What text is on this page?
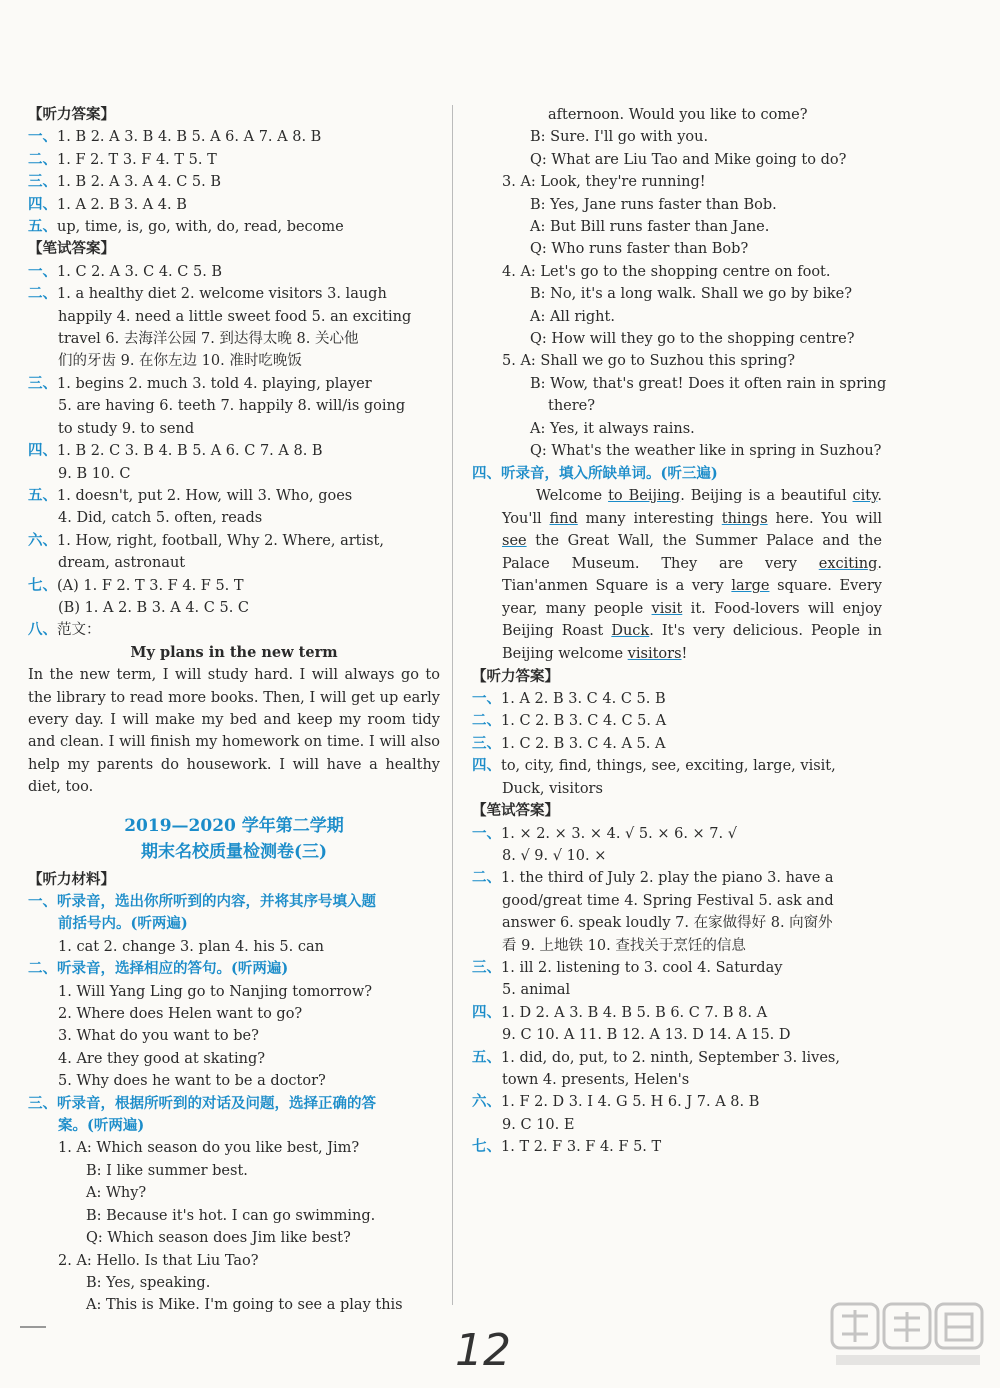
【听力答案】
一、1. B 2. A 3. B 4. B 5. A 6. A 7. A 8. B
二、1. F 2. T 3. F 4. T 5. T
三、1. B 2. A 3. A 4. C 5. B
四、1. A 2. B 3. A 4. B
五、up, time, is, go, with, do, read, become
【笔试答案】
一、1. C 2. A 3. C 4. C 5. B
二、1. a healthy diet 2. welcome visitors 3. laugh
happily 4. need a little sweet food 5. an exciting
travel 6. 去海洋公园 7. 到达得太晚 8. 关心他
们的牙齿 9. 在你左边 10. 准时吃晚饭
三、1. begins 2. much 3. told 4. playing, player
5. are having 6. teeth 7. happily 8. will/is going
to study 9. to send
四、1. B 2. C 3. B 4. B 5. A 6. C 7. A 8. B
9. B 10. C
五、1. doesn't, put 2. How, will 3. Who, goes
4. Did, catch 5. often, reads
六、1. How, right, football, Why 2. Where, artist,
dream, astronaut
七、(A) 1. F 2. T 3. F 4. F 5. T
(B) 1. A 2. B 3. A 4. C 5. C
八、范文：
My plans in the new term
In the new term, I will study hard. I will always go to the library to read more books. Then, I will get up early every day. I will make my bed and keep my room tidy and clean. I will finish my homework on time. I will also help my parents do housework. I will have a healthy diet, too.
2019—2020 学年第二学期
期末名校质量检测卷(三)
【听力材料】
一、听录音，选出你所听到的内容，并将其序号填入题
前括号内。(听两遍)
1. cat 2. change 3. plan 4. his 5. can
二、听录音，选择相应的答句。(听两遍)
1. Will Yang Ling go to Nanjing tomorrow?
2. Where does Helen want to go?
3. What do you want to be?
4. Are they good at skating?
5. Why does he want to be a doctor?
三、听录音，根据所听到的对话及问题，选择正确的答
案。(听两遍)
1. A: Which season do you like best, Jim?
B: I like summer best.
A: Why?
B: Because it's hot. I can go swimming.
Q: Which season does Jim like best?
2. A: Hello. Is that Liu Tao?
B: Yes, speaking.
A: This is Mike. I'm going to see a play this
afternoon. Would you like to come?
B: Sure. I'll go with you.
Q: What are Liu Tao and Mike going to do?
3. A: Look, they're running!
B: Yes, Jane runs faster than Bob.
A: But Bill runs faster than Jane.
Q: Who runs faster than Bob?
4. A: Let's go to the shopping centre on foot.
B: No, it's a long walk. Shall we go by bike?
A: All right.
Q: How will they go to the shopping centre?
5. A: Shall we go to Suzhou this spring?
B: Wow, that's great! Does it often rain in spring
there?
A: Yes, it always rains.
Q: What's the weather like in spring in Suzhou?
四、听录音，填入所缺单词。(听三遍)
Welcome to Beijing. Beijing is a beautiful city. You'll find many interesting things here. You will see the Great Wall, the Summer Palace and the Palace Museum. They are very exciting. Tian'anmen Square is a very large square. Every year, many people visit it. Food-lovers will enjoy Beijing Roast Duck. It's very delicious. People in Beijing welcome visitors!
【听力答案】
一、1. A 2. B 3. C 4. C 5. B
二、1. C 2. B 3. C 4. C 5. A
三、1. C 2. B 3. C 4. A 5. A
四、to, city, find, things, see, exciting, large, visit,
Duck, visitors
【笔试答案】
一、1. × 2. × 3. × 4. √ 5. × 6. × 7. √
8. √ 9. √ 10. ×
二、1. the third of July 2. play the piano 3. have a
good/great time 4. Spring Festival 5. ask and
answer 6. speak loudly 7. 在家做得好 8. 向窗外
看 9. 上地铁 10. 查找关于烹饪的信息
三、1. ill 2. listening to 3. cool 4. Saturday
5. animal
四、1. D 2. A 3. B 4. B 5. B 6. C 7. B 8. A
9. C 10. A 11. B 12. A 13. D 14. A 15. D
五、1. did, do, put, to 2. ninth, September 3. lives,
town 4. presents, Helen's
六、1. F 2. D 3. I 4. G 5. H 6. J 7. A 8. B
9. C 10. E
七、1. T 2. F 3. F 4. F 5. T
12
